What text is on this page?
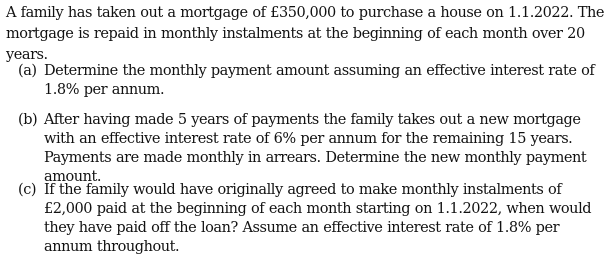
A family has taken out a mortgage of £350,000 to purchase a house on 1.1.2022. The mortgage is repaid in monthly instalments at the beginning of each month over 20 years.
(a) Determine the monthly payment amount assuming an effective interest rate of 1.8% per annum.
(b) After having made 5 years of payments the family takes out a new mortgage with an effective interest rate of 6% per annum for the remaining 15 years. Payments are made monthly in arrears. Determine the new monthly payment amount.
(c) If the family would have originally agreed to make monthly instalments of £2,000 paid at the beginning of each month starting on 1.1.2022, when would they have paid off the loan? Assume an effective interest rate of 1.8% per annum throughout.
